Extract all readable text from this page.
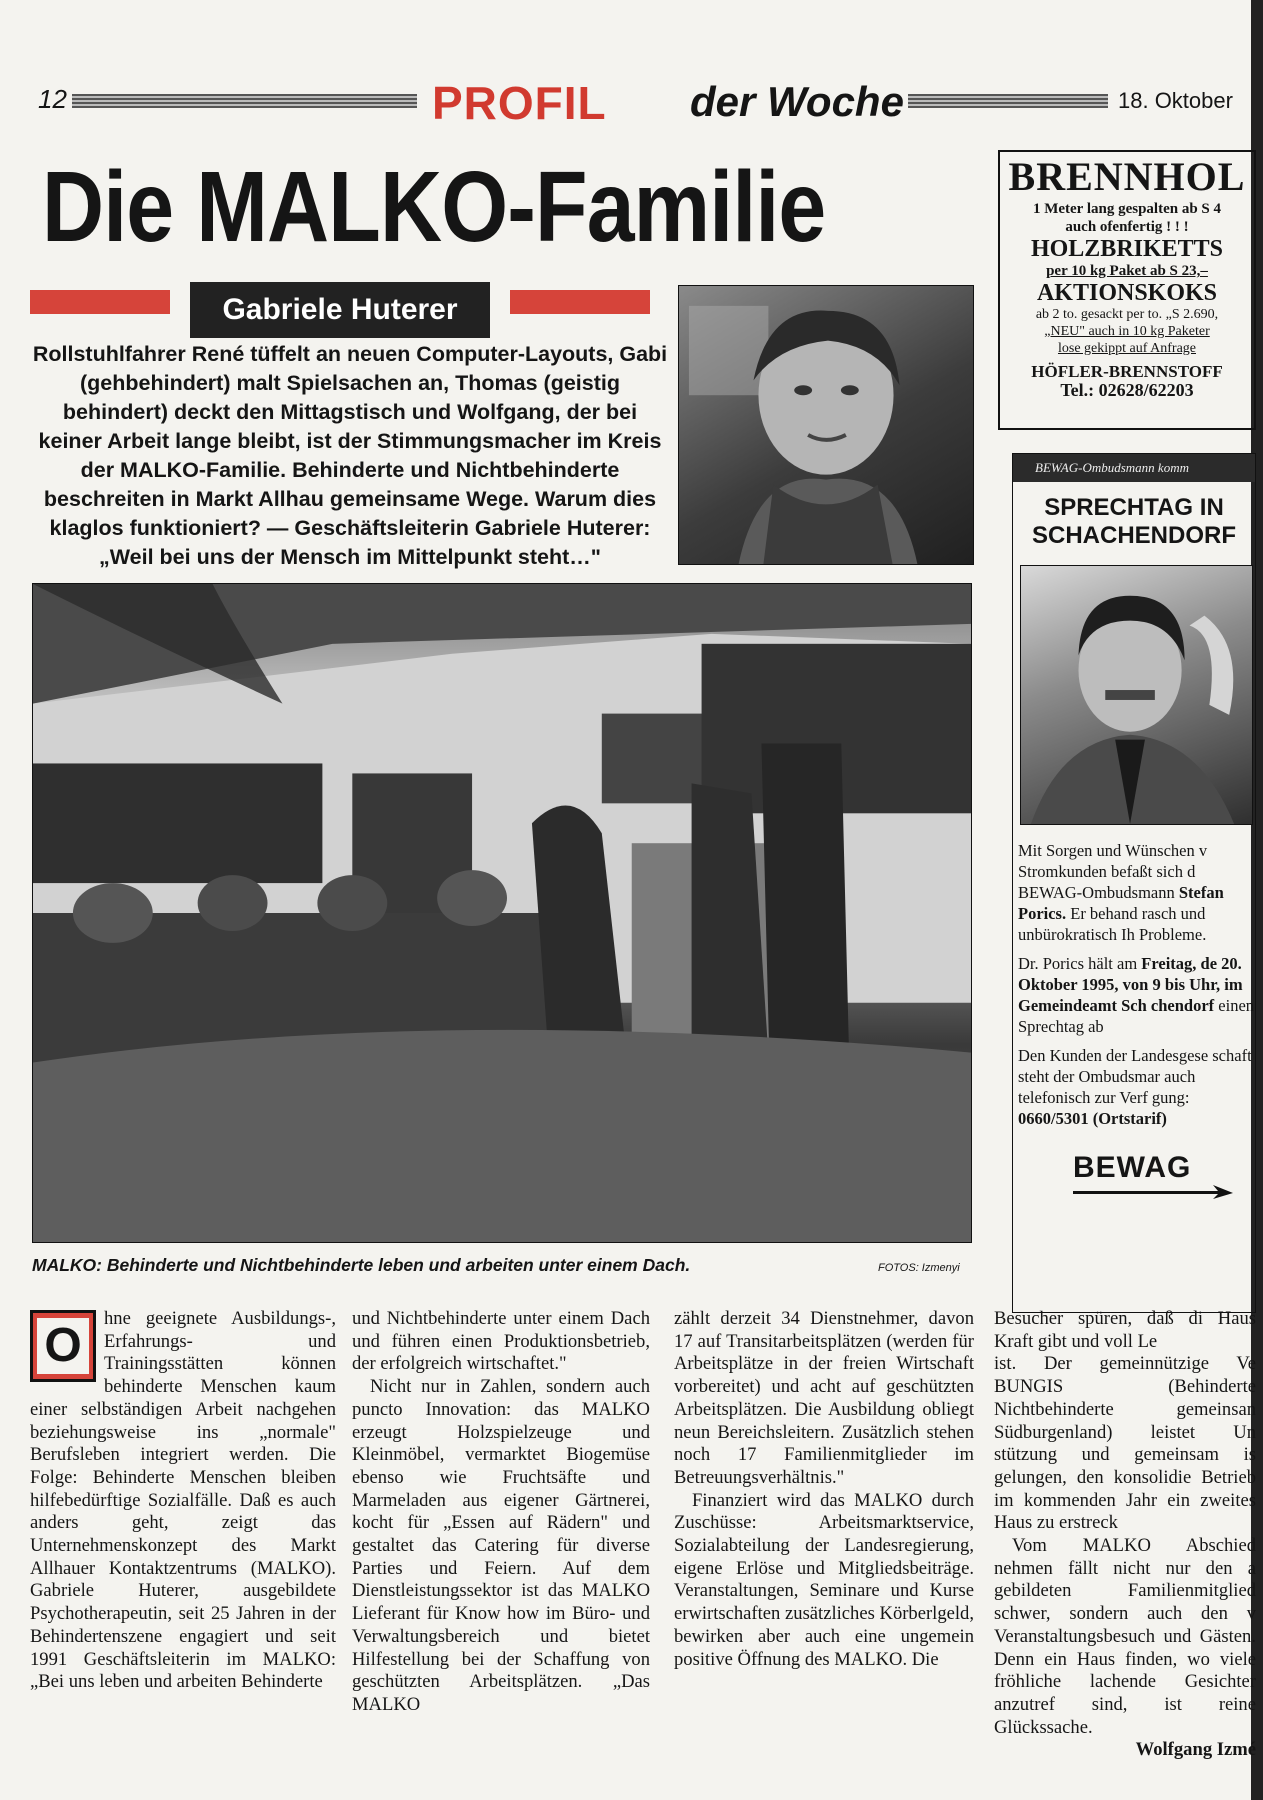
12	PROFIL der Woche	18. Oktober
Die MALKO-Familie
Gabriele Huterer
Rollstuhlfahrer René tüffelt an neuen Computer-Layouts, Gabi (gehbehindert) malt Spielsachen an, Thomas (geistig behindert) deckt den Mittagstisch und Wolfgang, der bei keiner Arbeit lange bleibt, ist der Stimmungsmacher im Kreis der MALKO-Familie. Behinderte und Nichtbehinderte beschreiten in Markt Allhau gemeinsame Wege. Warum dies klaglos funktioniert? — Geschäftsleiterin Gabriele Huterer: „Weil bei uns der Mensch im Mittelpunkt steht…"
MALKO: Behinderte und Nichtbehinderte leben und arbeiten unter einem Dach.	FOTOS: Izmenyi
BRENNHOL
1 Meter lang gespalten ab S 4
auch ofenfertig ! ! !
HOLZBRIKETTS
per 10 kg Paket ab S 23,–
AKTIONSKOKS
ab 2 to. gesackt per to. „S 2.690,
„NEU" auch in 10 kg Paketer
lose gekippt auf Anfrage
HÖFLER-BRENNSTOFF
Tel.: 02628/62203
BEWAG-Ombudsmann komm
SPRECHTAG IN
SCHACHENDORF

Mit Sorgen und Wünschen v Stromkunden befaßt sich d BEWAG-Ombudsmann Stefan Porics. Er behand rasch und unbürokratisch Ih Probleme.

Dr. Porics hält am Freitag, de 20. Oktober 1995, von 9 bis Uhr, im Gemeindeamt Sch chendorf einen Sprechtag ab

Den Kunden der Landesgese schaft steht der Ombudsmar auch telefonisch zur Verf gung: 0660/5301 (Ortstarif)

BEWAG
O

hne geeignete Ausbildungs-, Erfahrungs- und Trainingsstätten können behinderte Menschen kaum einer selbständigen Arbeit nachgehen beziehungsweise ins „normale" Berufsleben integriert werden. Die Folge: Behinderte Menschen bleiben hilfebedürftige Sozialfälle. Daß es auch anders geht, zeigt das Unternehmenskonzept des Markt Allhauer Kontaktzentrums (MALKO). Gabriele Huterer, ausgebildete Psychotherapeutin, seit 25 Jahren in der Behindertenszene engagiert und seit 1991 Geschäftsleiterin im MALKO: „Bei uns leben und arbeiten Behinderte

und Nichtbehinderte unter einem Dach und führen einen Produktionsbetrieb, der erfolgreich wirtschaftet."

Nicht nur in Zahlen, sondern auch puncto Innovation: das MALKO erzeugt Holzspielzeuge und Kleinmöbel, vermarktet Biogemüse ebenso wie Fruchtsäfte und Marmeladen aus eigener Gärtnerei, kocht für „Essen auf Rädern" und gestaltet das Catering für diverse Parties und Feiern. Auf dem Dienstleistungssektor ist das MALKO Lieferant für Know how im Büro- und Verwaltungsbereich und bietet Hilfestellung bei der Schaffung von geschützten Arbeitsplätzen. „Das MALKO

zählt derzeit 34 Dienstnehmer, davon 17 auf Transitarbeitsplätzen (werden für Arbeitsplätze in der freien Wirtschaft vorbereitet) und acht auf geschützten Arbeitsplätzen. Die Ausbildung obliegt neun Bereichsleitern. Zusätzlich stehen noch 17 Familienmitglieder im Betreuungsverhältnis."

Finanziert wird das MALKO durch Zuschüsse: Arbeitsmarktservice, Sozialabteilung der Landesregierung, eigene Erlöse und Mitgliedsbeiträge. Veranstaltungen, Seminare und Kurse erwirtschaften zusätzliches Körberlgeld, bewirken aber auch eine ungemein positive Öffnung des MALKO. Die

Besucher spüren, daß di Haus Kraft gibt und voll Le

ist. Der gemeinnützige Ve BUNGIS (Behinderte Nichtbehinderte gemeinsan Südburgenland) leistet Un stützung und gemeinsam is gelungen, den konsolidie Betrieb im kommenden Jahr ein zweites Haus zu erstreck

Vom MALKO Abschied nehmen fällt nicht nur den a gebildeten Familienmitglied schwer, sondern auch den v Veranstaltungsbesuch und Gästen. Denn ein Haus finden, wo viele fröhliche lachende Gesichter anzutref sind, ist reine Glückssache.

Wolfgang Izmé
